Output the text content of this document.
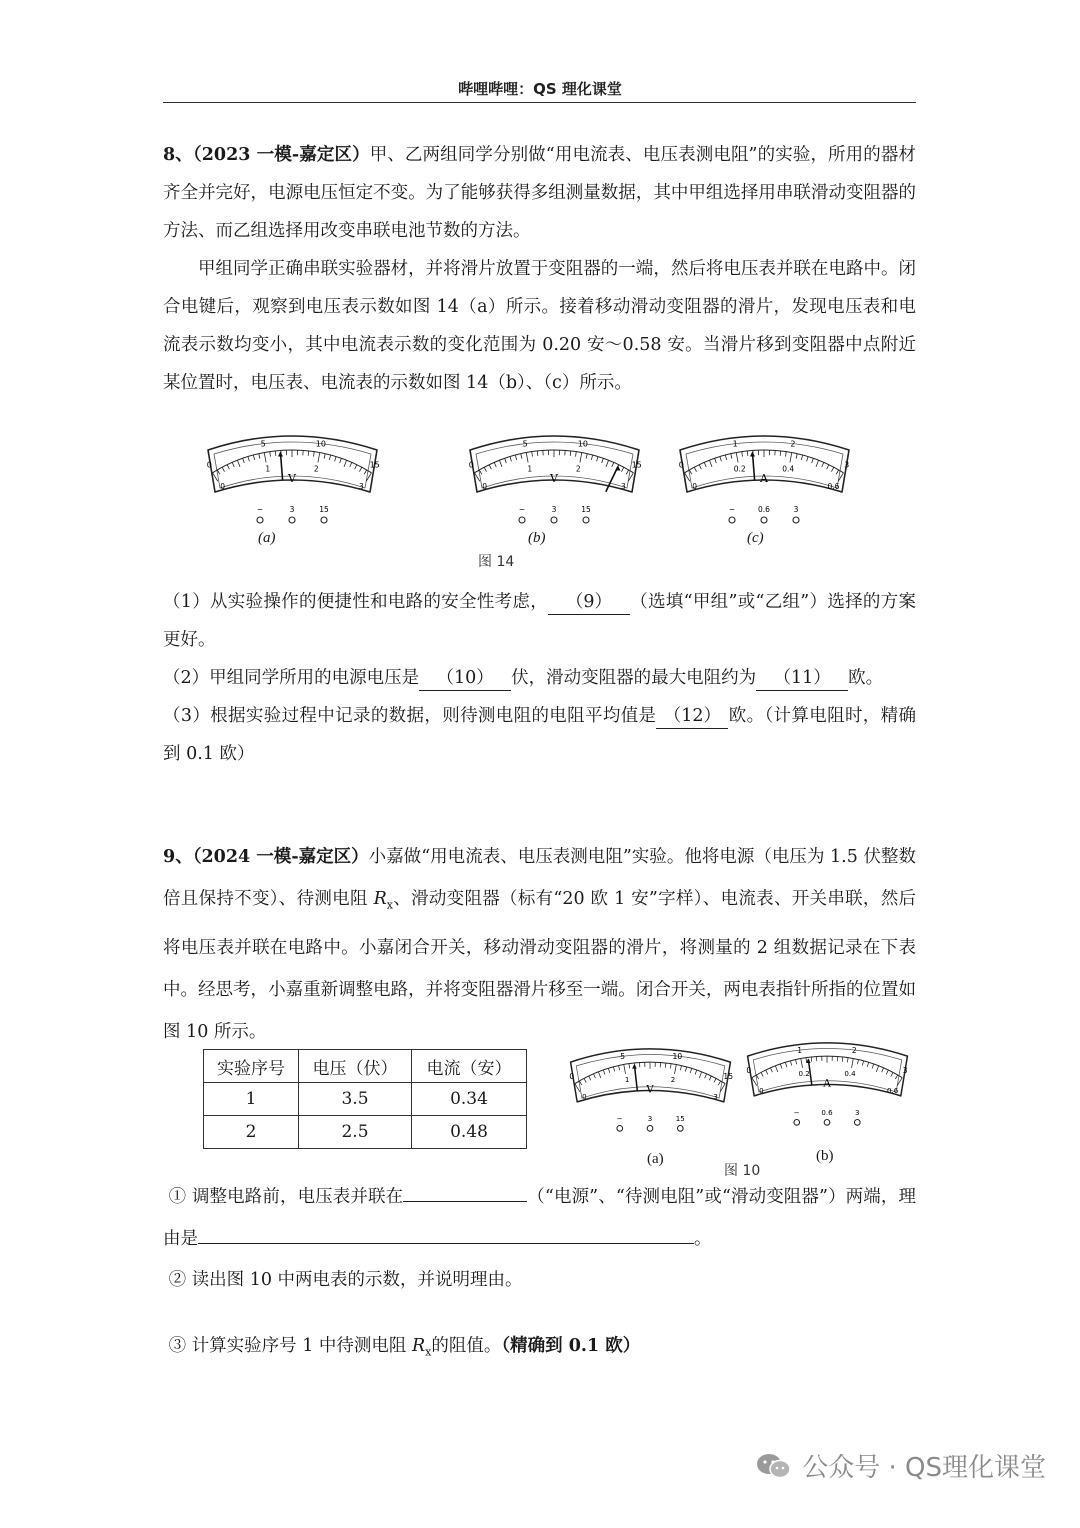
哔哩哔哩：QS 理化课堂

8、（2023 一模-嘉定区）甲、乙两组同学分别做“用电流表、电压表测电阻”的实验，所用的器材齐全并完好，电源电压恒定不变。为了能够获得多组测量数据，其中甲组选择用串联滑动变阻器的方法、而乙组选择用改变串联电池节数的方法。

甲组同学正确串联实验器材，并将滑片放置于变阻器的一端，然后将电压表并联在电路中。闭合电键后，观察到电压表示数如图 14（a）所示。接着移动滑动变阻器的滑片，发现电压表和电流表示数均变小，其中电流表示数的变化范围为 0.20 安～0.58 安。当滑片移到变阻器中点附近某位置时，电压表、电流表的示数如图 14（b）、（c）所示。

0
5	10
15
0
1	2
3
V
−	3	15
0
5	10
15
0
1	2
3
V
−	3	15
0
1	2
3
0
0.2	0.4
0.6
A
−	0.6	3
(a)	(b)	(c)
图 14

（1）从实验操作的便捷性和电路的安全性考虑， （9） （选填“甲组”或“乙组”）选择的方案更好。

（2）甲组同学所用的电源电压是 （10） 伏，滑动变阻器的最大电阻约为 （11） 欧。

（3）根据实验过程中记录的数据，则待测电阻的电阻平均值是 （12） 欧。（计算电阻时，精确到 0.1 欧）

9、（2024 一模-嘉定区）小嘉做“用电流表、电压表测电阻”实验。他将电源（电压为 1.5 伏整数倍且保持不变）、待测电阻 $R_x$、滑动变阻器（标有“20 欧 1 安”字样）、电流表、开关串联，然后将电压表并联在电路中。小嘉闭合开关，移动滑动变阻器的滑片，将测量的 2 组数据记录在下表中。经思考，小嘉重新调整电路，并将变阻器滑片移至一端。闭合开关，两电表指针所指的位置如图 10 所示。

实验序号	电压（伏）	电流（安）
1	3.5	0.34
2	2.5	0.48
0
5	10
15
0
1	2
3
V
−	3	15
0
1	2
3
0
0.2	0.4
0.6
A
−	0.6	3
(a)	(b)
图 10

① 调整电路前，电压表并联在	（“电源”、“待测电阻”或“滑动变阻器”）两端，理由是	。

② 读出图 10 中两电表的示数，并说明理由。

③ 计算实验序号 1 中待测电阻 $R_x$的阻值。（精确到 0.1 欧）

公众号 · QS理化课堂
